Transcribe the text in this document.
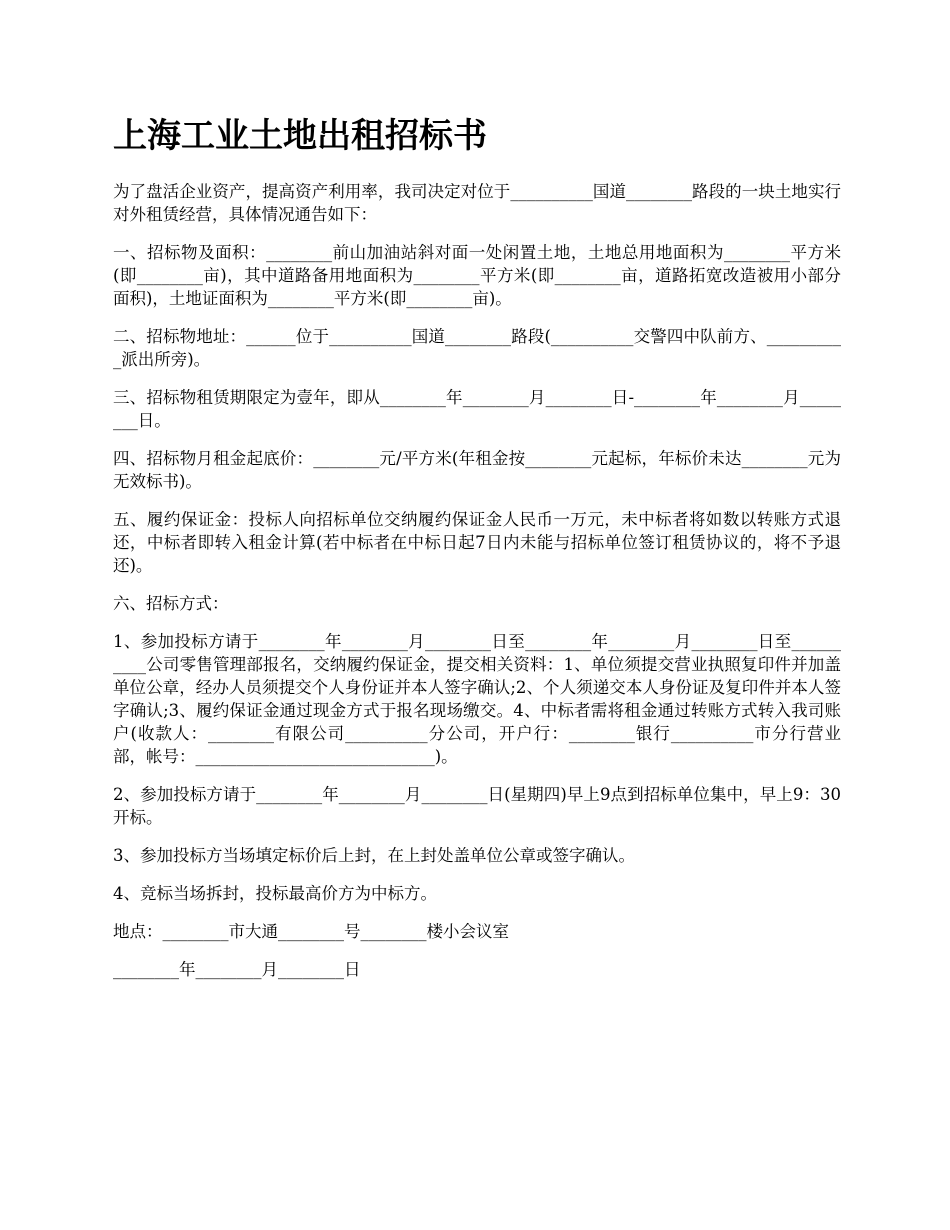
上海工业土地出租招标书

为了盘活企业资产，提高资产利用率，我司决定对位于__________国道________路段的一块土地实行对外租赁经营，具体情况通告如下：

一、招标物及面积：________前山加油站斜对面一处闲置土地，土地总用地面积为________平方米(即________亩)，其中道路备用地面积为________平方米(即________亩，道路拓宽改造被用小部分面积)，土地证面积为________平方米(即________亩)。

二、招标物地址：______位于__________国道________路段(__________交警四中队前方、__________派出所旁)。

三、招标物租赁期限定为壹年，即从________年________月________日-________年________月________日。

四、招标物月租金起底价：________元/平方米(年租金按________元起标，年标价未达________元为无效标书)。

五、履约保证金：投标人向招标单位交纳履约保证金人民币一万元，未中标者将如数以转账方式退还，中标者即转入租金计算(若中标者在中标日起7日内未能与招标单位签订租赁协议的，将不予退还)。

六、招标方式：

1、参加投标方请于________年________月________日至________年________月________日至__________公司零售管理部报名，交纳履约保证金，提交相关资料：1、单位须提交营业执照复印件并加盖单位公章，经办人员须提交个人身份证并本人签字确认;2、个人须递交本人身份证及复印件并本人签字确认;3、履约保证金通过现金方式于报名现场缴交。4、中标者需将租金通过转账方式转入我司账户(收款人：________有限公司__________分公司，开户行：________银行__________市分行营业部，帐号：_____________________________)。

2、参加投标方请于________年________月________日(星期四)早上9点到招标单位集中，早上9：30开标。

3、参加投标方当场填定标价后上封，在上封处盖单位公章或签字确认。

4、竞标当场拆封，投标最高价方为中标方。

地点：________市大通________号________楼小会议室

________年________月________日
